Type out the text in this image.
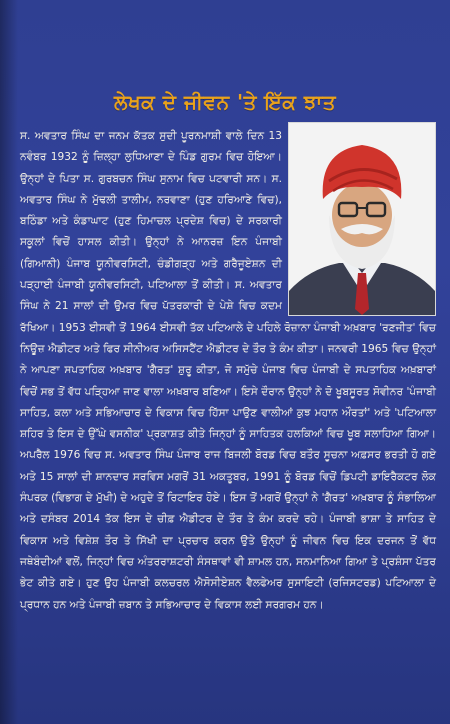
ਲੇਖਕ ਦੇ ਜੀਵਨ 'ਤੇ ਇੱਕ ਝਾਤ

ਸ. ਅਵਤਾਰ ਸਿੰਘ ਦਾ ਜਨਮ ਕੱਤਕ ਸੁਦੀ ਪੂਰਨਮਾਸ਼ੀ ਵਾਲੇ ਦਿਨ 13 ਨਵੰਬਰ 1932 ਨੂੰ ਜ਼ਿਲ੍ਹਾ ਲੁਧਿਆਣਾ ਦੇ ਪਿੰਡ ਗੁਰਮ ਵਿਚ ਹੋਇਆ। ਉਨ੍ਹਾਂ ਦੇ ਪਿਤਾ ਸ. ਗੁਰਬਚਨ ਸਿੰਘ ਸੁਨਾਮ ਵਿਚ ਪਟਵਾਰੀ ਸਨ। ਸ. ਅਵਤਾਰ ਸਿੰਘ ਨੇ ਮੁੱਢਲੀ ਤਾਲੀਮ, ਨਰਵਾਣਾ (ਹੁਣ ਹਰਿਆਣੇ ਵਿਚ), ਬਠਿੰਡਾ ਅਤੇ ਕੰਡਾਘਾਟ (ਹੁਣ ਹਿਮਾਚਲ ਪ੍ਰਦੇਸ਼ ਵਿਚ) ਦੇ ਸਰਕਾਰੀ ਸਕੂਲਾਂ ਵਿਚੋਂ ਹਾਸਲ ਕੀਤੀ। ਉਨ੍ਹਾਂ ਨੇ ਆਨਰਜ਼ ਇਨ ਪੰਜਾਬੀ (ਗਿਆਨੀ) ਪੰਜਾਬ ਯੂਨੀਵਰਸਿਟੀ, ਚੰਡੀਗੜ੍ਹ ਅਤੇ ਗਰੈਜੂਏਸ਼ਨ ਦੀ ਪੜ੍ਹਾਈ ਪੰਜਾਬੀ ਯੂਨੀਵਰਸਿਟੀ, ਪਟਿਆਲਾ ਤੋਂ ਕੀਤੀ। ਸ. ਅਵਤਾਰ ਸਿੰਘ ਨੇ 21 ਸਾਲਾਂ ਦੀ ਉਮਰ ਵਿਚ ਪੱਤਰਕਾਰੀ ਦੇ ਪੇਸ਼ੇ ਵਿਚ ਕਦਮ ਰੱਖਿਆ। 1953 ਈਸਵੀ ਤੋਂ 1964 ਈਸਵੀ ਤੱਕ ਪਟਿਆਲੇ ਦੇ ਪਹਿਲੇ ਰੋਜ਼ਾਨਾ ਪੰਜਾਬੀ ਅਖ਼ਬਾਰ 'ਰਣਜੀਤ' ਵਿਚ ਨਿਊਜ਼ ਐਡੀਟਰ ਅਤੇ ਫਿਰ ਸੀਨੀਅਰ ਅਸਿਸਟੈਂਟ ਐਡੀਟਰ ਦੇ ਤੌਰ ਤੇ ਕੰਮ ਕੀਤਾ। ਜਨਵਰੀ 1965 ਵਿਚ ਉਨ੍ਹਾਂ ਨੇ ਆਪਣਾ ਸਪਤਾਹਿਕ ਅਖ਼ਬਾਰ 'ਗੈਰਤ' ਸ਼ੁਰੂ ਕੀਤਾ, ਜੋ ਸਮੁੱਚੇ ਪੰਜਾਬ ਵਿਚ ਪੰਜਾਬੀ ਦੇ ਸਪਤਾਹਿਕ ਅਖ਼ਬਾਰਾਂ ਵਿਚੋਂ ਸਭ ਤੋਂ ਵੱਧ ਪੜ੍ਹਿਆ ਜਾਣ ਵਾਲਾ ਅਖ਼ਬਾਰ ਬਣਿਆ। ਇਸੇ ਦੌਰਾਨ ਉਨ੍ਹਾਂ ਨੇ ਦੋ ਖੂਬਸੂਰਤ ਸੋਵੀਨਰ 'ਪੰਜਾਬੀ ਸਾਹਿਤ, ਕਲਾ ਅਤੇ ਸਭਿਆਚਾਰ ਦੇ ਵਿਕਾਸ ਵਿਚ ਹਿੱਸਾ ਪਾਉਣ ਵਾਲੀਆਂ ਕੁਝ ਮਹਾਨ ਔਰਤਾਂ' ਅਤੇ 'ਪਟਿਆਲਾ ਸ਼ਹਿਰ ਤੇ ਇਸ ਦੇ ਉੱਘੇ ਵਸਨੀਕ' ਪ੍ਰਕਾਸ਼ਤ ਕੀਤੇ ਜਿਨ੍ਹਾਂ ਨੂੰ ਸਾਹਿਤਕ ਹਲਕਿਆਂ ਵਿਚ ਖੂਬ ਸਲਾਹਿਆ ਗਿਆ। ਅਪਰੈਲ 1976 ਵਿਚ ਸ. ਅਵਤਾਰ ਸਿੰਘ ਪੰਜਾਬ ਰਾਜ ਬਿਜਲੀ ਬੋਰਡ ਵਿਚ ਬਤੌਰ ਸੂਚਨਾ ਅਫ਼ਸਰ ਭਰਤੀ ਹੋ ਗਏ ਅਤੇ 15 ਸਾਲਾਂ ਦੀ ਸ਼ਾਨਦਾਰ ਸਰਵਿਸ ਮਗਰੋਂ 31 ਅਕਤੂਬਰ, 1991 ਨੂੰ ਬੋਰਡ ਵਿਚੋਂ ਡਿਪਟੀ ਡਾਇਰੈਕਟਰ ਲੋਕ ਸੰਪਰਕ (ਵਿਭਾਗ ਦੇ ਮੁੱਖੀ) ਦੇ ਅਹੁਦੇ ਤੋਂ ਰਿਟਾਇਰ ਹੋਏ। ਇਸ ਤੋਂ ਮਗਰੋਂ ਉਨ੍ਹਾਂ ਨੇ 'ਗੈਰਤ' ਅਖ਼ਬਾਰ ਨੂੰ ਸੰਭਾਲਿਆ ਅਤੇ ਦਸੰਬਰ 2014 ਤੱਕ ਇਸ ਦੇ ਚੀਫ਼ ਐਡੀਟਰ ਦੇ ਤੌਰ ਤੇ ਕੰਮ ਕਰਦੇ ਰਹੇ। ਪੰਜਾਬੀ ਭਾਸ਼ਾ ਤੇ ਸਾਹਿਤ ਦੇ ਵਿਕਾਸ ਅਤੇ ਵਿਸ਼ੇਸ਼ ਤੌਰ ਤੇ ਸਿੱਖੀ ਦਾ ਪ੍ਰਚਾਰ ਕਰਨ ਉਤੇ ਉਨ੍ਹਾਂ ਨੂੰ ਜੀਵਨ ਵਿਚ ਇਕ ਦਰਜਨ ਤੋਂ ਵੱਧ ਜਥੇਬੰਦੀਆਂ ਵਲੋਂ, ਜਿਨ੍ਹਾਂ ਵਿਚ ਅੰਤਰਰਾਸ਼ਟਰੀ ਸੰਸਥਾਵਾਂ ਵੀ ਸ਼ਾਮਲ ਹਨ, ਸਨਮਾਨਿਆ ਗਿਆ ਤੇ ਪ੍ਰਸ਼ੰਸਾ ਪੱਤਰ ਭੇਟ ਕੀਤੇ ਗਏ। ਹੁਣ ਉਹ ਪੰਜਾਬੀ ਕਲਚਰਲ ਐਸੋਸੀਏਸ਼ਨ ਵੈਲਫੇਅਰ ਸੁਸਾਇਟੀ (ਰਜਿਸਟਰਡ) ਪਟਿਆਲਾ ਦੇ ਪ੍ਰਧਾਨ ਹਨ ਅਤੇ ਪੰਜਾਬੀ ਜ਼ਬਾਨ ਤੇ ਸਭਿਆਚਾਰ ਦੇ ਵਿਕਾਸ ਲਈ ਸਰਗਰਮ ਹਨ।
